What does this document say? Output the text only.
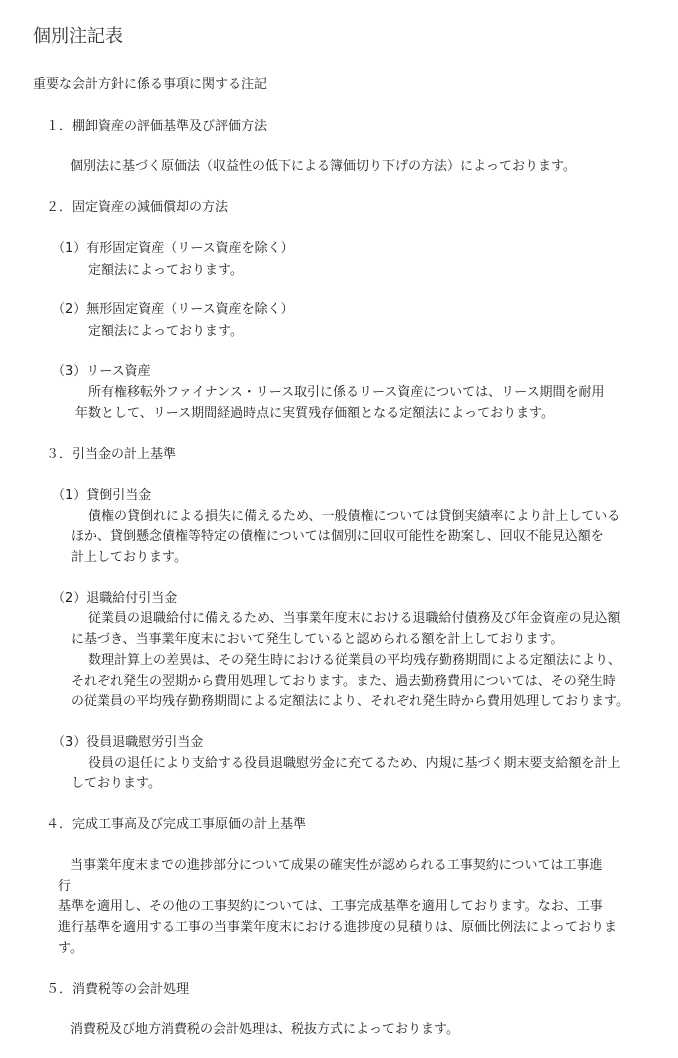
個別注記表
重要な会計方針に係る事項に関する注記
１．棚卸資産の評価基準及び評価方法
個別法に基づく原価法（収益性の低下による簿価切り下げの方法）によっております。
２．固定資産の減価償却の方法
（1）有形固定資産（リース資産を除く）
定額法によっております。
（2）無形固定資産（リース資産を除く）
定額法によっております。
（3）リース資産
所有権移転外ファイナンス・リース取引に係るリース資産については、リース期間を耐用
年数として、リース期間経過時点に実質残存価額となる定額法によっております。
３．引当金の計上基準
（1）貸倒引当金
債権の貸倒れによる損失に備えるため、一般債権については貸倒実績率により計上している
ほか、貸倒懸念債権等特定の債権については個別に回収可能性を勘案し、回収不能見込額を
計上しております。
（2）退職給付引当金
従業員の退職給付に備えるため、当事業年度末における退職給付債務及び年金資産の見込額
に基づき、当事業年度末において発生していると認められる額を計上しております。
数理計算上の差異は、その発生時における従業員の平均残存勤務期間による定額法により、
それぞれ発生の翌期から費用処理しております。また、過去勤務費用については、その発生時
の従業員の平均残存勤務期間による定額法により、それぞれ発生時から費用処理しております。
（3）役員退職慰労引当金
役員の退任により支給する役員退職慰労金に充てるため、内規に基づく期末要支給額を計上
しております。
４．完成工事高及び完成工事原価の計上基準
当事業年度末までの進捗部分について成果の確実性が認められる工事契約については工事進
行
基準を適用し、その他の工事契約については、工事完成基準を適用しております。なお、工事
進行基準を適用する工事の当事業年度末における進捗度の見積りは、原価比例法によっておりま
す。
５．消費税等の会計処理
消費税及び地方消費税の会計処理は、税抜方式によっております。
